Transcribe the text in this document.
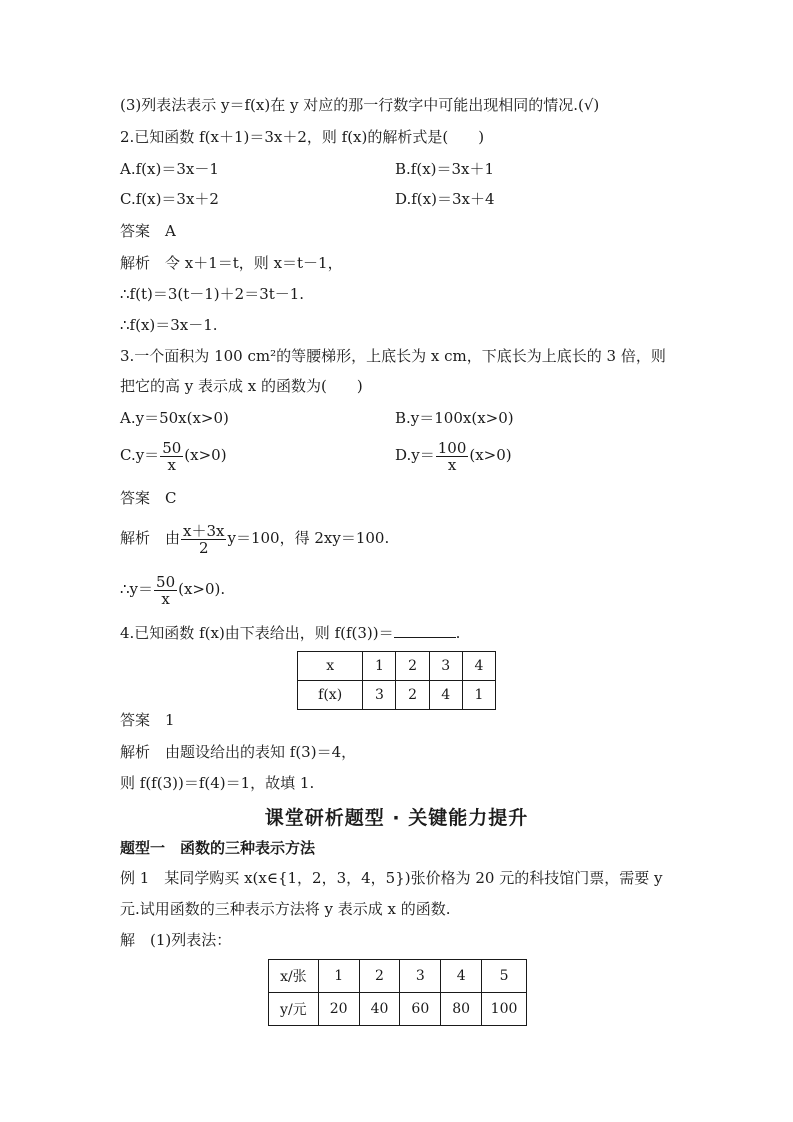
(3)列表法表示 y＝f(x)在 y 对应的那一行数字中可能出现相同的情况.(√)
2.已知函数 f(x＋1)＝3x＋2，则 f(x)的解析式是(　　)
A.f(x)＝3x－1	B.f(x)＝3x＋1
C.f(x)＝3x＋2	D.f(x)＝3x＋4
答案　A
解析　令 x＋1＝t，则 x＝t－1，
∴f(t)＝3(t－1)＋2＝3t－1.
∴f(x)＝3x－1.
3.一个面积为 100 cm²的等腰梯形，上底长为 x cm，下底长为上底长的 3 倍，则
把它的高 y 表示成 x 的函数为(　　)
A.y＝50x(x>0)	B.y＝100x(x>0)
$C.y= \frac{50}{x} (x>0)$	$D.y= \frac{100}{x} (x>0)$
答案　C
解析　由 $\frac{x+3x}{2} y=100$，得 2xy＝100.
∴y＝ $\frac{50}{x} (x>0)$.
4.已知函数 f(x)由下表给出，则 f(f(3))＝	.
x	1	2	3	4
f(x)	3	2	4	1
答案　1
解析　由题设给出的表知 f(3)＝4，
则 f(f(3))＝f(4)＝1，故填 1.
课堂研析题型 · 关键能力提升
题型一　函数的三种表示方法
例 1　某同学购买 x(x∈{1，2，3，4，5})张价格为 20 元的科技馆门票，需要 y
元.试用函数的三种表示方法将 y 表示成 x 的函数.
解　(1)列表法：
x/张	1	2	3	4	5
y/元	20	40	60	80	100
